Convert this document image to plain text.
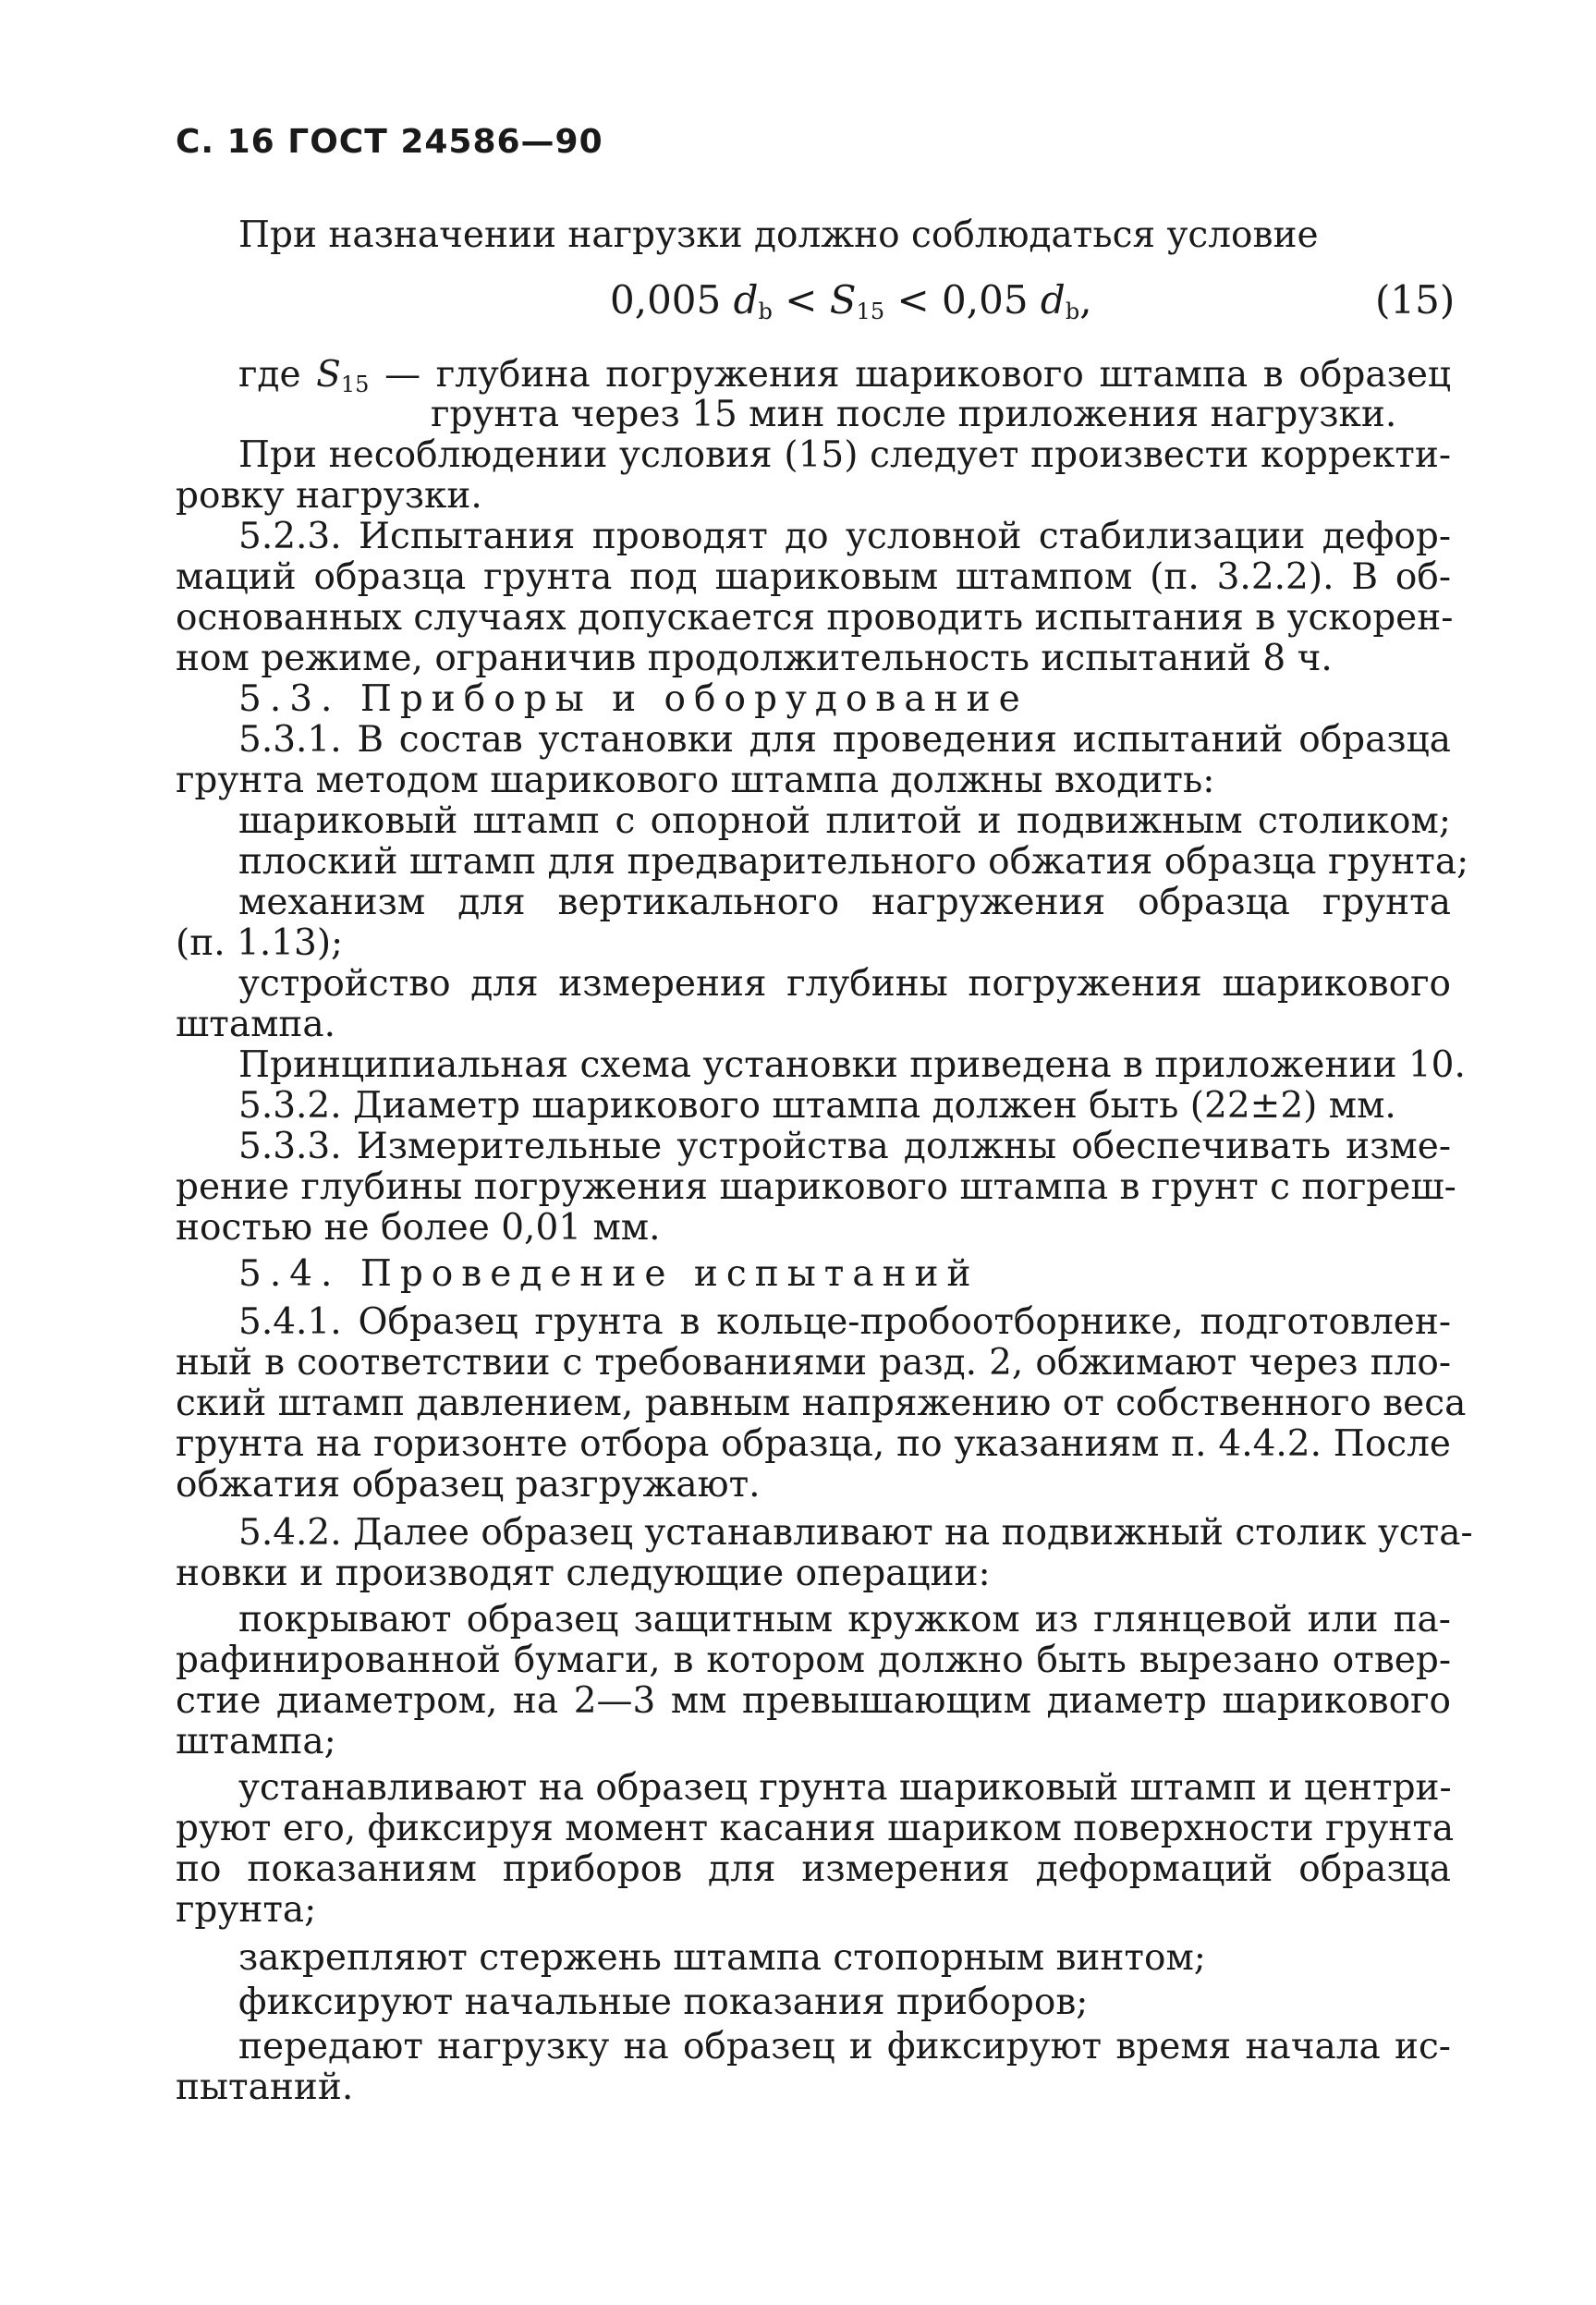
С. 16 ГОСТ 24586—90
При назначении нагрузки должно соблюдаться условие
0,005 $d_b < S_{15} < 0,05$ $d_b$,	(15)
где $S_{15}$ — глубина погружения шарикового штампа в образец
грунта через 15 мин после приложения нагрузки.
При несоблюдении условия (15) следует произвести корректи-
ровку нагрузки.
5.2.3. Испытания проводят до условной стабилизации дефор-
маций образца грунта под шариковым штампом (п. 3.2.2). В об-
основанных случаях допускается проводить испытания в ускорен-
ном режиме, ограничив продолжительность испытаний 8 ч.
5.3. Приборы и оборудование
5.3.1. В состав установки для проведения испытаний образца
грунта методом шарикового штампа должны входить:
шариковый штамп с опорной плитой и подвижным столиком;
плоский штамп для предварительного обжатия образца грунта;
механизм для вертикального нагружения образца грунта
(п. 1.13);
устройство для измерения глубины погружения шарикового
штампа.
Принципиальная схема установки приведена в приложении 10.
5.3.2. Диаметр шарикового штампа должен быть (22±2) мм.
5.3.3. Измерительные устройства должны обеспечивать изме-
рение глубины погружения шарикового штампа в грунт с погреш-
ностью не более 0,01 мм.
5.4. Проведение испытаний
5.4.1. Образец грунта в кольце-пробоотборнике, подготовлен-
ный в соответствии с требованиями разд. 2, обжимают через пло-
ский штамп давлением, равным напряжению от собственного веса
грунта на горизонте отбора образца, по указаниям п. 4.4.2. После
обжатия образец разгружают.
5.4.2. Далее образец устанавливают на подвижный столик уста-
новки и производят следующие операции:
покрывают образец защитным кружком из глянцевой или па-
рафинированной бумаги, в котором должно быть вырезано отвер-
стие диаметром, на 2—3 мм превышающим диаметр шарикового
штампа;
устанавливают на образец грунта шариковый штамп и центри-
руют его, фиксируя момент касания шариком поверхности грунта
по показаниям приборов для измерения деформаций образца
грунта;
закрепляют стержень штампа стопорным винтом;
фиксируют начальные показания приборов;
передают нагрузку на образец и фиксируют время начала ис-
пытаний.
